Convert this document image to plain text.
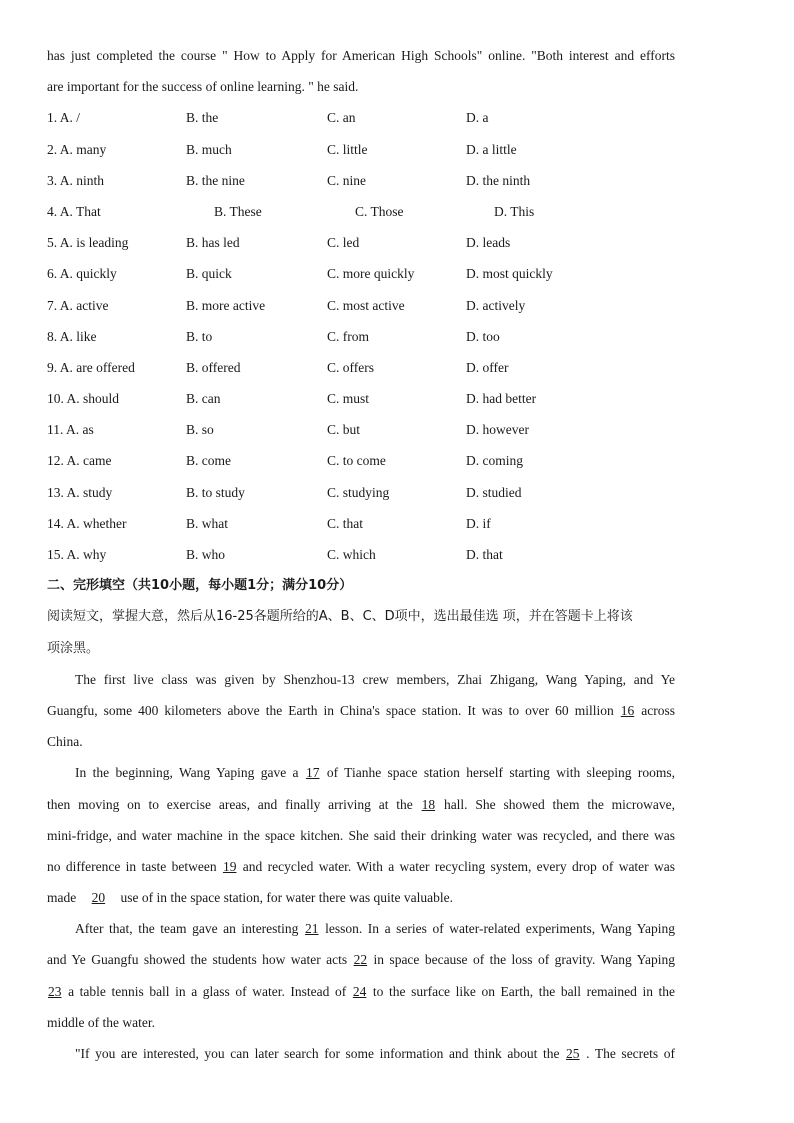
has just completed the course " How to Apply for American High Schools" online. "Both interest and efforts
are important for the success of online learning. " he said.
1. A. /	B. the	C. an	D. a
2. A. many	B. much	C. little	D. a little
3. A. ninth	B. the nine	C. nine	D. the ninth
4. A. That	B. These	C. Those	D. This
5. A. is leading	B. has led	C. led	D. leads
6. A. quickly	B. quick	C. more quickly	D. most quickly
7. A. active	B. more active	C. most active	D. actively
8. A. like	B. to	C. from	D. too
9. A. are offered	B. offered	C. offers	D. offer
10. A. should	B. can	C. must	D. had better
11. A. as	B. so	C. but	D. however
12. A. came	B. come	C. to come	D. coming
13. A. study	B. to study	C. studying	D. studied
14. A. whether	B. what	C. that	D. if
15. A. why	B. who	C. which	D. that
二、完形填空（共10小题，每小题1分；满分10分）
阅读短文，掌握大意，然后从16-25各题所给的A、B、C、D项中，选出最佳选 项，并在答题卡上将该
项涂黑。
The first live class was given by Shenzhou-13 crew members, Zhai Zhigang, Wang Yaping, and Ye
Guangfu, some 400 kilometers above the Earth in China's space station. It was to over 60 million 16 across
China.
In the beginning, Wang Yaping gave a 17 of Tianhe space station herself starting with sleeping rooms,
then moving on to exercise areas, and finally arriving at the 18 hall. She showed them the microwave,
mini-fridge, and water machine in the space kitchen. She said their drinking water was recycled, and there was
no difference in taste between 19 and recycled water. With a water recycling system, every drop of water was
made 20 use of in the space station, for water there was quite valuable.
After that, the team gave an interesting 21 lesson. In a series of water-related experiments, Wang Yaping
and Ye Guangfu showed the students how water acts 22 in space because of the loss of gravity. Wang Yaping
23 a table tennis ball in a glass of water. Instead of 24 to the surface like on Earth, the ball remained in the
middle of the water.
"If you are interested, you can later search for some information and think about the 25 . The secrets of
